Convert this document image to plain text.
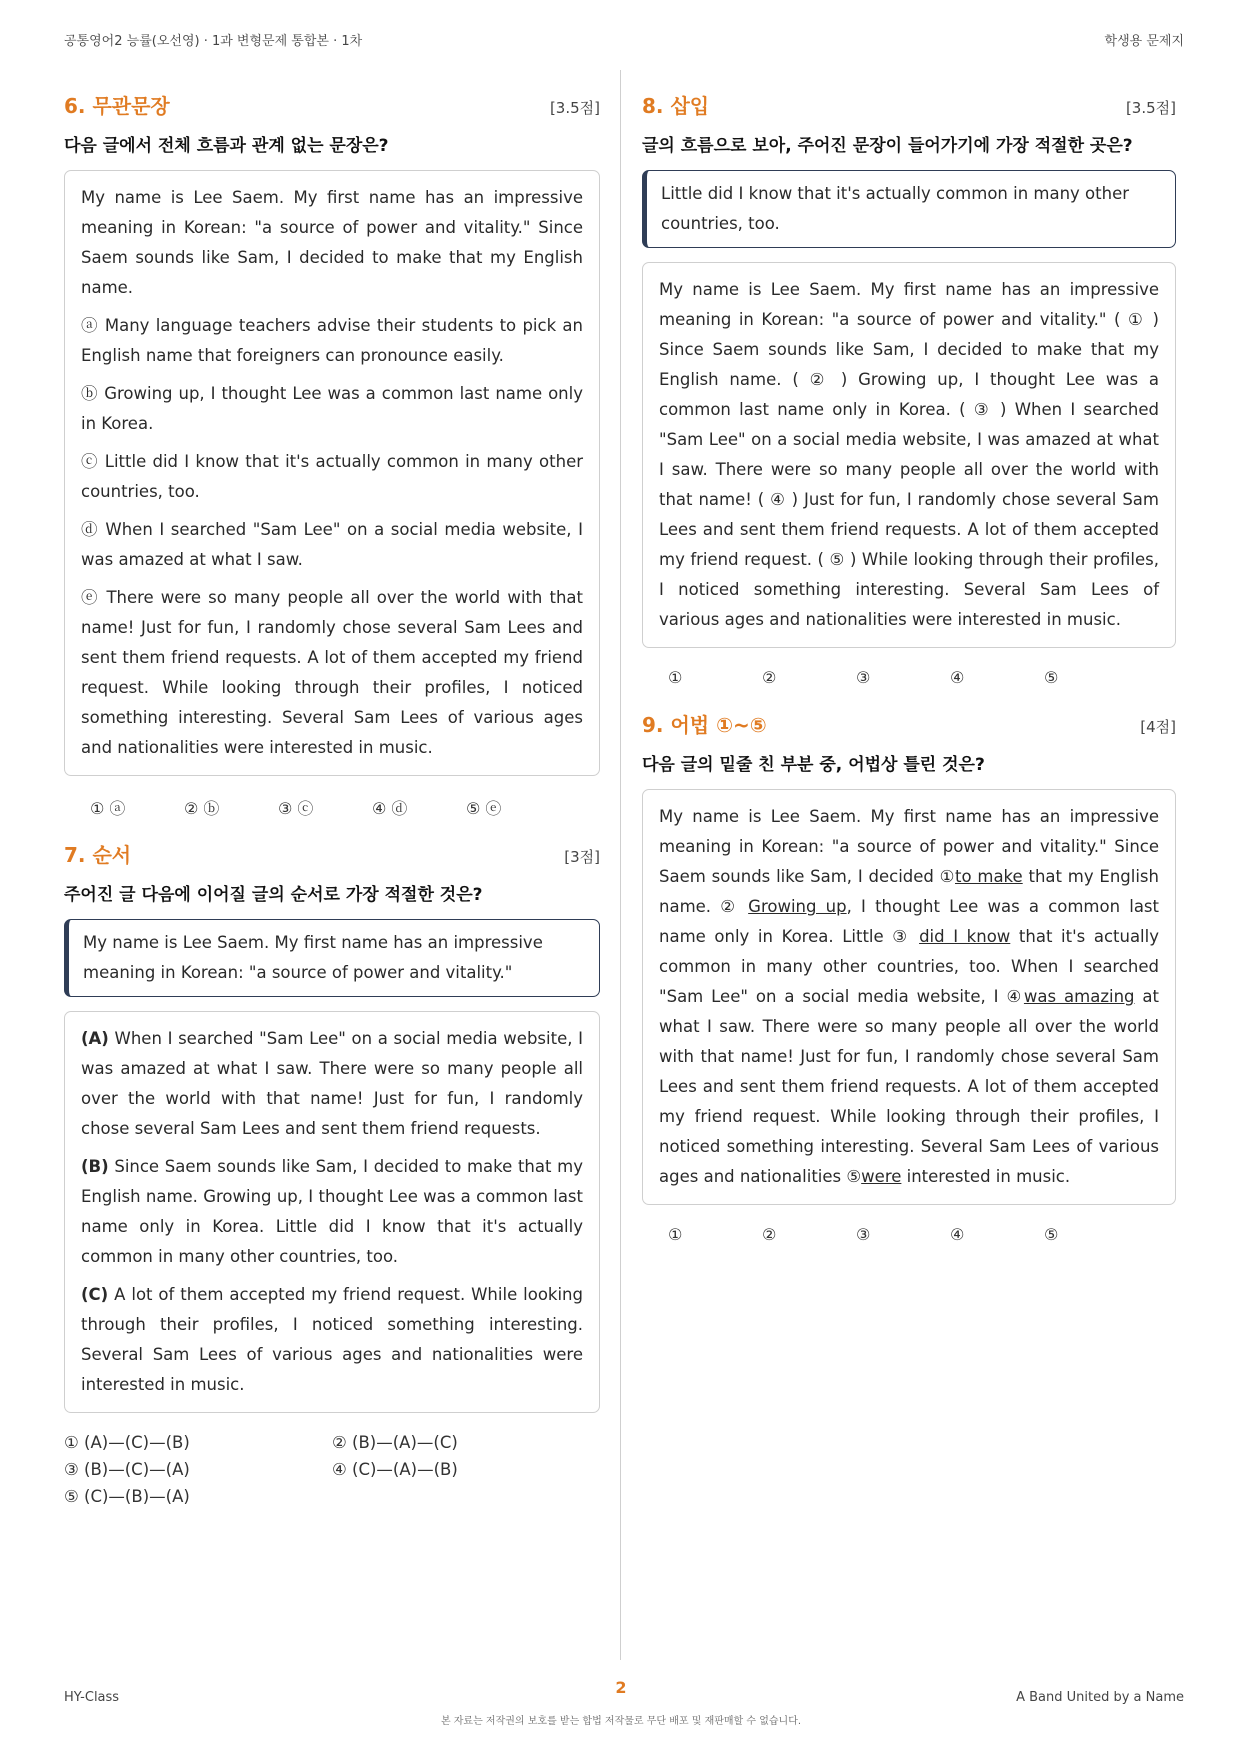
공통영어2 능률(오선영) · 1과 변형문제 통합본 · 1차	학생용 문제지
6. 무관문장	[3.5점]
다음 글에서 전체 흐름과 관계 없는 문장은?

My name is Lee Saem. My first name has an impressive meaning in Korean: "a source of power and vitality." Since Saem sounds like Sam, I decided to make that my English name.

ⓐ Many language teachers advise their students to pick an English name that foreigners can pronounce easily.

ⓑ Growing up, I thought Lee was a common last name only in Korea.

ⓒ Little did I know that it's actually common in many other countries, too.

ⓓ When I searched "Sam Lee" on a social media website, I was amazed at what I saw.

ⓔ There were so many people all over the world with that name! Just for fun, I randomly chose several Sam Lees and sent them friend requests. A lot of them accepted my friend request. While looking through their profiles, I noticed something interesting. Several Sam Lees of various ages and nationalities were interested in music.

① ⓐ	② ⓑ	③ ⓒ	④ ⓓ	⑤ ⓔ
7. 순서	[3점]
주어진 글 다음에 이어질 글의 순서로 가장 적절한 것은?
My name is Lee Saem. My first name has an impressive meaning in Korean: "a source of power and vitality."

(A) When I searched "Sam Lee" on a social media website, I was amazed at what I saw. There were so many people all over the world with that name! Just for fun, I randomly chose several Sam Lees and sent them friend requests.

(B) Since Saem sounds like Sam, I decided to make that my English name. Growing up, I thought Lee was a common last name only in Korea. Little did I know that it's actually common in many other countries, too.

(C) A lot of them accepted my friend request. While looking through their profiles, I noticed something interesting. Several Sam Lees of various ages and nationalities were interested in music.

① (A)—(C)—(B)	② (B)—(A)—(C)
③ (B)—(C)—(A)	④ (C)—(A)—(B)
⑤ (C)—(B)—(A)
8. 삽입	[3.5점]
글의 흐름으로 보아, 주어진 문장이 들어가기에 가장 적절한 곳은?
Little did I know that it's actually common in many other countries, too.

My name is Lee Saem. My first name has an impressive meaning in Korean: "a source of power and vitality." ( ① ) Since Saem sounds like Sam, I decided to make that my English name. ( ② ) Growing up, I thought Lee was a common last name only in Korea. ( ③ ) When I searched "Sam Lee" on a social media website, I was amazed at what I saw. There were so many people all over the world with that name! ( ④ ) Just for fun, I randomly chose several Sam Lees and sent them friend requests. A lot of them accepted my friend request. ( ⑤ ) While looking through their profiles, I noticed something interesting. Several Sam Lees of various ages and nationalities were interested in music.

①	②	③	④	⑤
9. 어법 ①~⑤	[4점]
다음 글의 밑줄 친 부분 중, 어법상 틀린 것은?

My name is Lee Saem. My first name has an impressive meaning in Korean: "a source of power and vitality." Since Saem sounds like Sam, I decided ①to make that my English name. ② Growing up, I thought Lee was a common last name only in Korea. Little ③ did I know that it's actually common in many other countries, too. When I searched "Sam Lee" on a social media website, I ④was amazing at what I saw. There were so many people all over the world with that name! Just for fun, I randomly chose several Sam Lees and sent them friend requests. A lot of them accepted my friend request. While looking through their profiles, I noticed something interesting. Several Sam Lees of various ages and nationalities ⑤were interested in music.

①	②	③	④	⑤
HY-Class
2
A Band United by a Name
본 자료는 저작권의 보호를 받는 합법 저작물로 무단 배포 및 재판매할 수 없습니다.
